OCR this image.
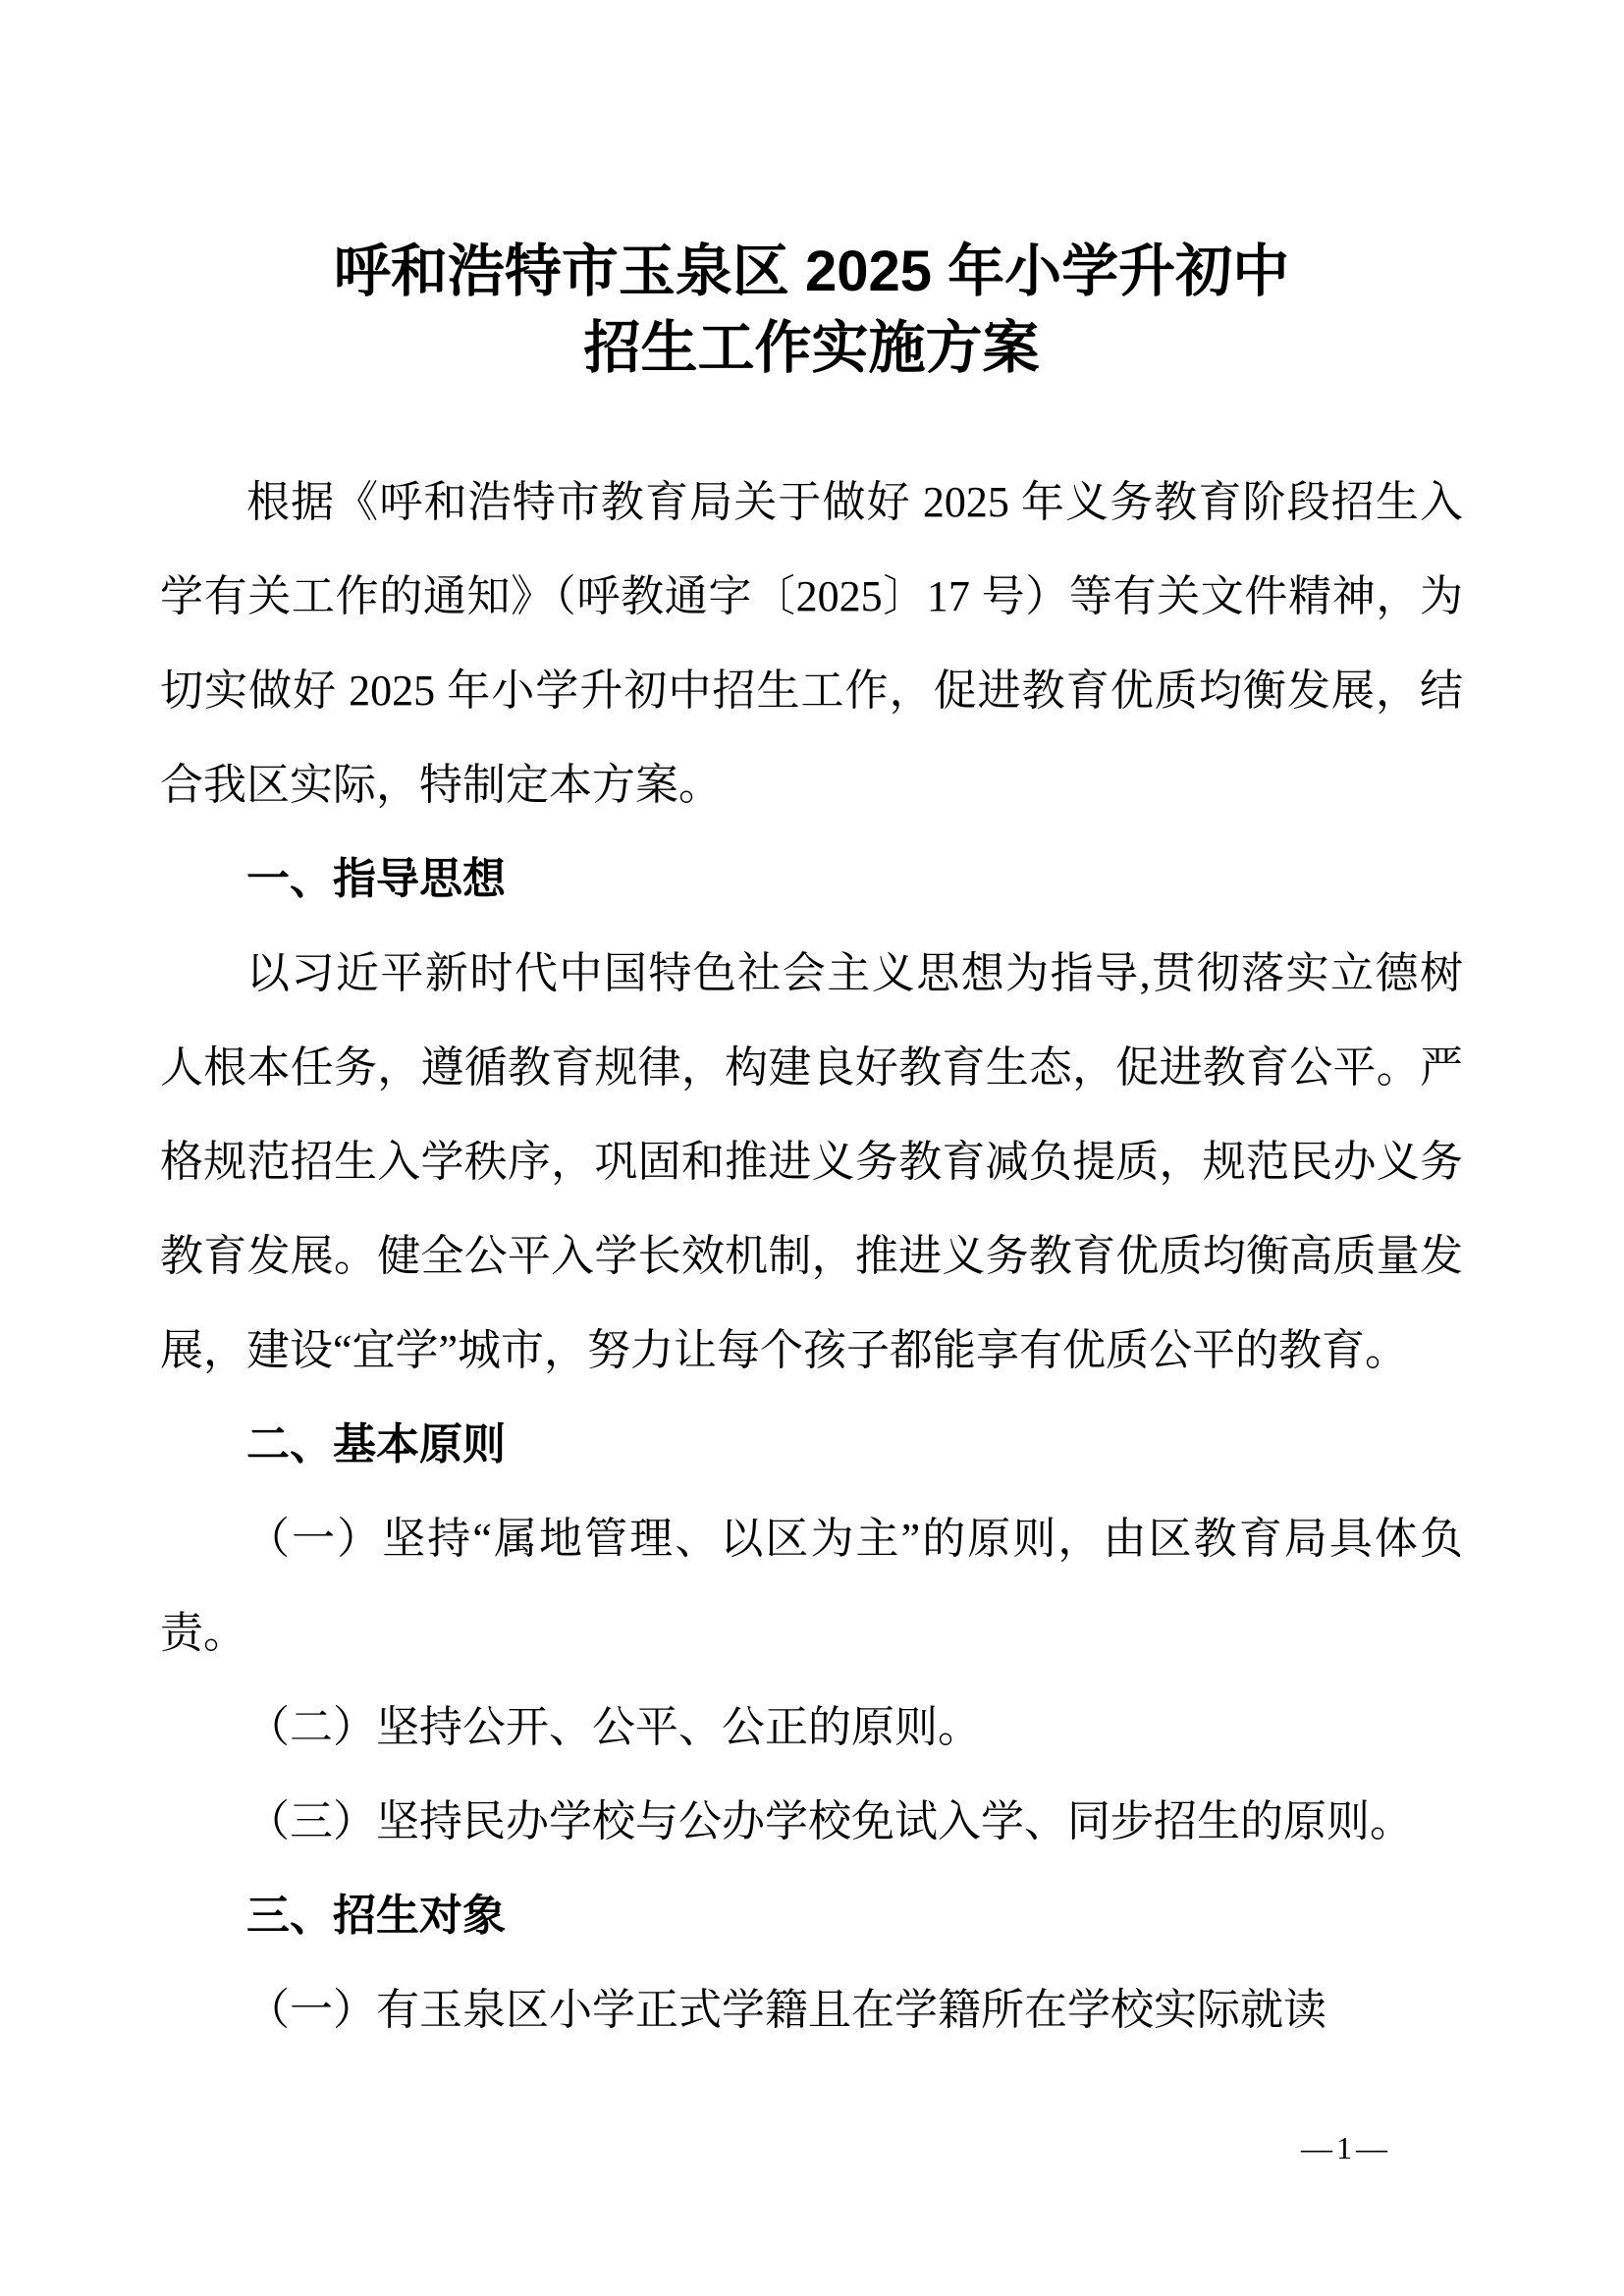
呼和浩特市玉泉区 2025 年小学升初中
招生工作实施方案

根据《呼和浩特市教育局关于做好 2025 年义务教育阶段招生入学有关工作的通知》（呼教通字〔2025〕17 号）等有关文件精神，为切实做好 2025 年小学升初中招生工作，促进教育优质均衡发展，结合我区实际，特制定本方案。

一、指导思想

以习近平新时代中国特色社会主义思想为指导,贯彻落实立德树人根本任务，遵循教育规律，构建良好教育生态，促进教育公平。严格规范招生入学秩序，巩固和推进义务教育减负提质，规范民办义务教育发展。健全公平入学长效机制，推进义务教育优质均衡高质量发展，建设“宜学”城市，努力让每个孩子都能享有优质公平的教育。

二、基本原则

（一）坚持“属地管理、以区为主”的原则，由区教育局具体负责。

（二）坚持公开、公平、公正的原则。

（三）坚持民办学校与公办学校免试入学、同步招生的原则。

三、招生对象

（一）有玉泉区小学正式学籍且在学籍所在学校实际就读

—1—
